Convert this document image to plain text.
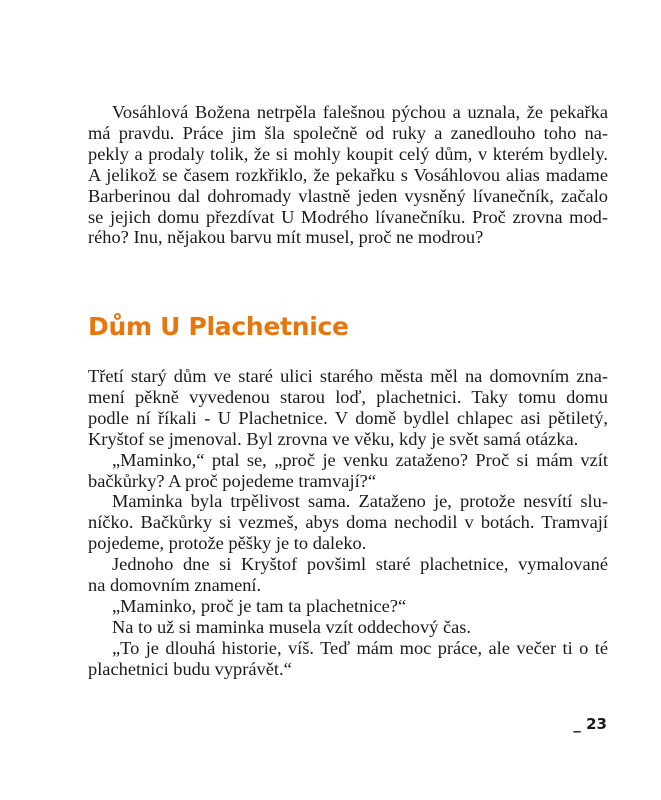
Vosáhlová Božena netrpěla falešnou pýchou a uznala, že pekařka
má pravdu. Práce jim šla společně od ruky a zanedlouho toho na-
pekly a prodaly tolik, že si mohly koupit celý dům, v kterém bydlely.
A jelikož se časem rozkřiklo, že pekařku s Vosáhlovou alias madame
Barberinou dal dohromady vlastně jeden vysněný lívanečník, začalo
se jejich domu přezdívat U Modrého lívanečníku. Proč zrovna mod-
rého? Inu, nějakou barvu mít musel, proč ne modrou?
Dům U Plachetnice
Třetí starý dům ve staré ulici starého města měl na domovním zna-
mení pěkně vyvedenou starou loď, plachetnici. Taky tomu domu
podle ní říkali - U Plachetnice. V domě bydlel chlapec asi pětiletý,
Kryštof se jmenoval. Byl zrovna ve věku, kdy je svět samá otázka.
„Maminko,“ ptal se, „proč je venku zataženo? Proč si mám vzít
bačkůrky? A proč pojedeme tramvají?“
Maminka byla trpělivost sama. Zataženo je, protože nesvítí slu-
níčko. Bačkůrky si vezmeš, abys doma nechodil v botách. Tramvají
pojedeme, protože pěšky je to daleko.
Jednoho dne si Kryštof povšiml staré plachetnice, vymalované
na domovním znamení.
„Maminko, proč je tam ta plachetnice?“
Na to už si maminka musela vzít oddechový čas.
„To je dlouhá historie, víš. Teď mám moc práce, ale večer ti o té
plachetnici budu vyprávět.“
_ 23
